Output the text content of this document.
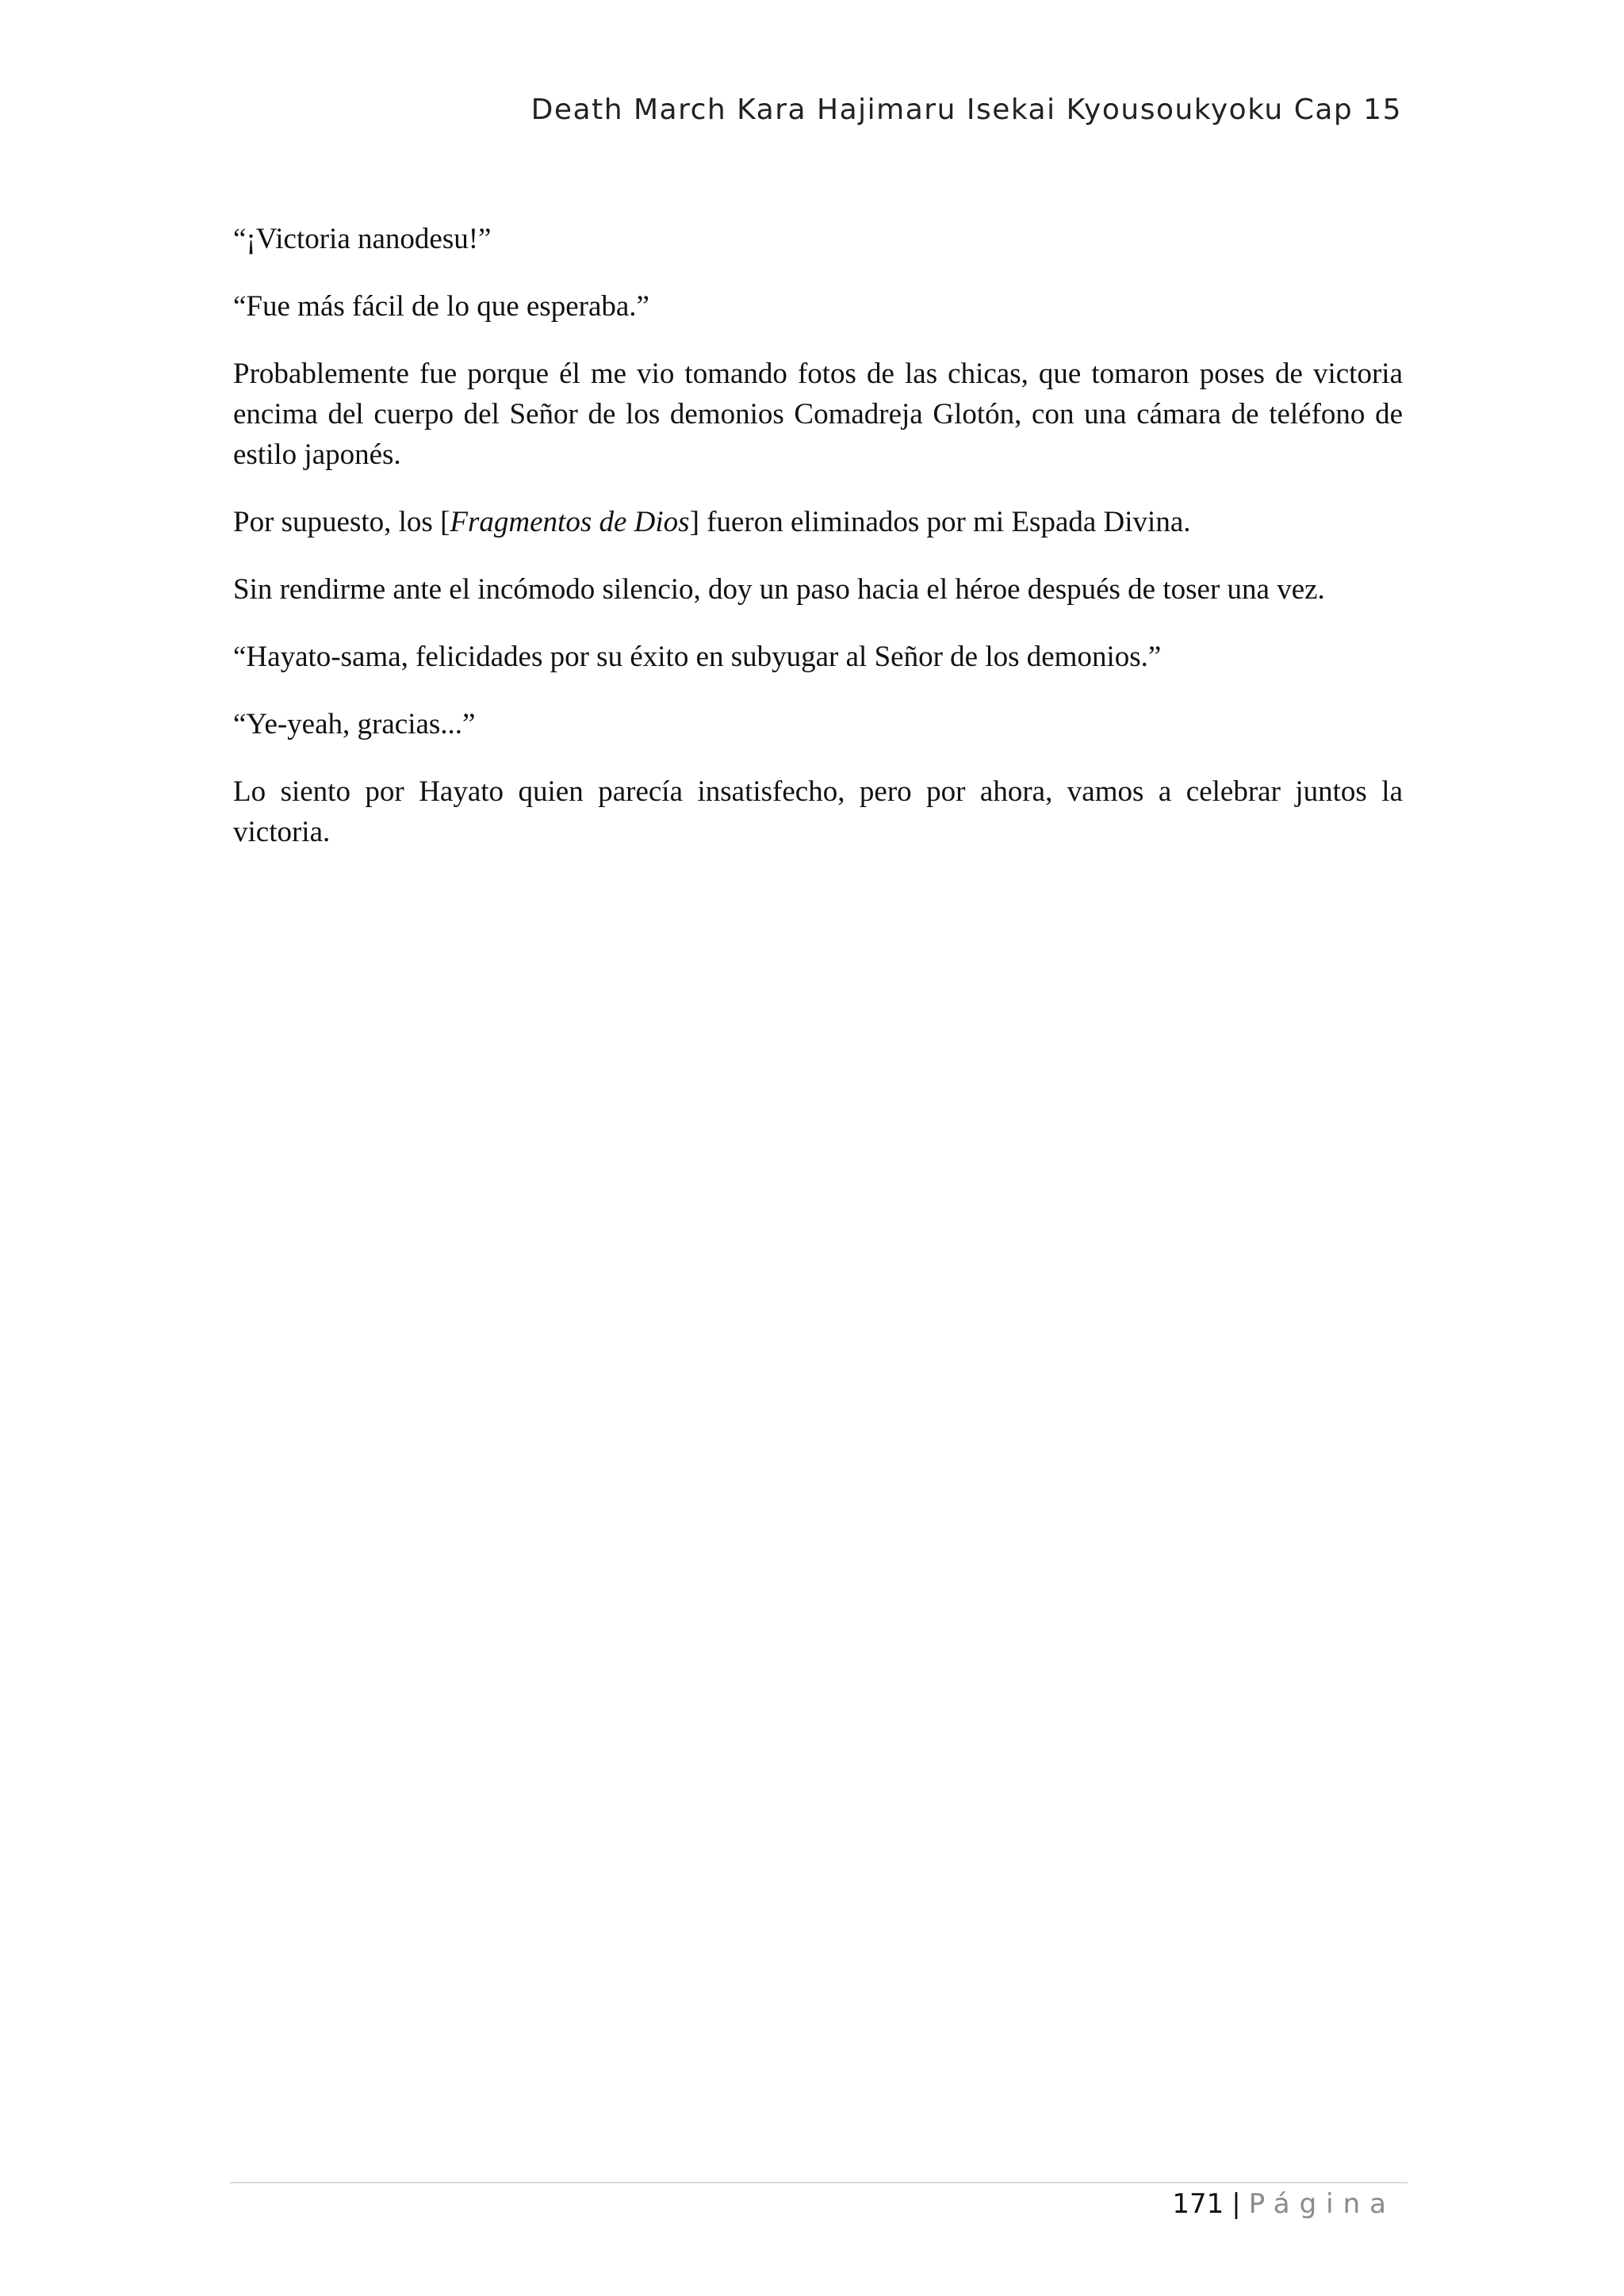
Death March Kara Hajimaru Isekai Kyousoukyoku Cap 15

“¡Victoria nanodesu!”

“Fue más fácil de lo que esperaba.”

Probablemente fue porque él me vio tomando fotos de las chicas, que tomaron poses de victoria encima del cuerpo del Señor de los demonios Comadreja Glotón, con una cámara de teléfono de estilo japonés.

Por supuesto, los [Fragmentos de Dios] fueron eliminados por mi Espada Divina.

Sin rendirme ante el incómodo silencio, doy un paso hacia el héroe después de toser una vez.

“Hayato-sama, felicidades por su éxito en subyugar al Señor de los demonios.”

“Ye-yeah, gracias...”

Lo siento por Hayato quien parecía insatisfecho, pero por ahora, vamos a celebrar juntos la victoria.

171 | Página
